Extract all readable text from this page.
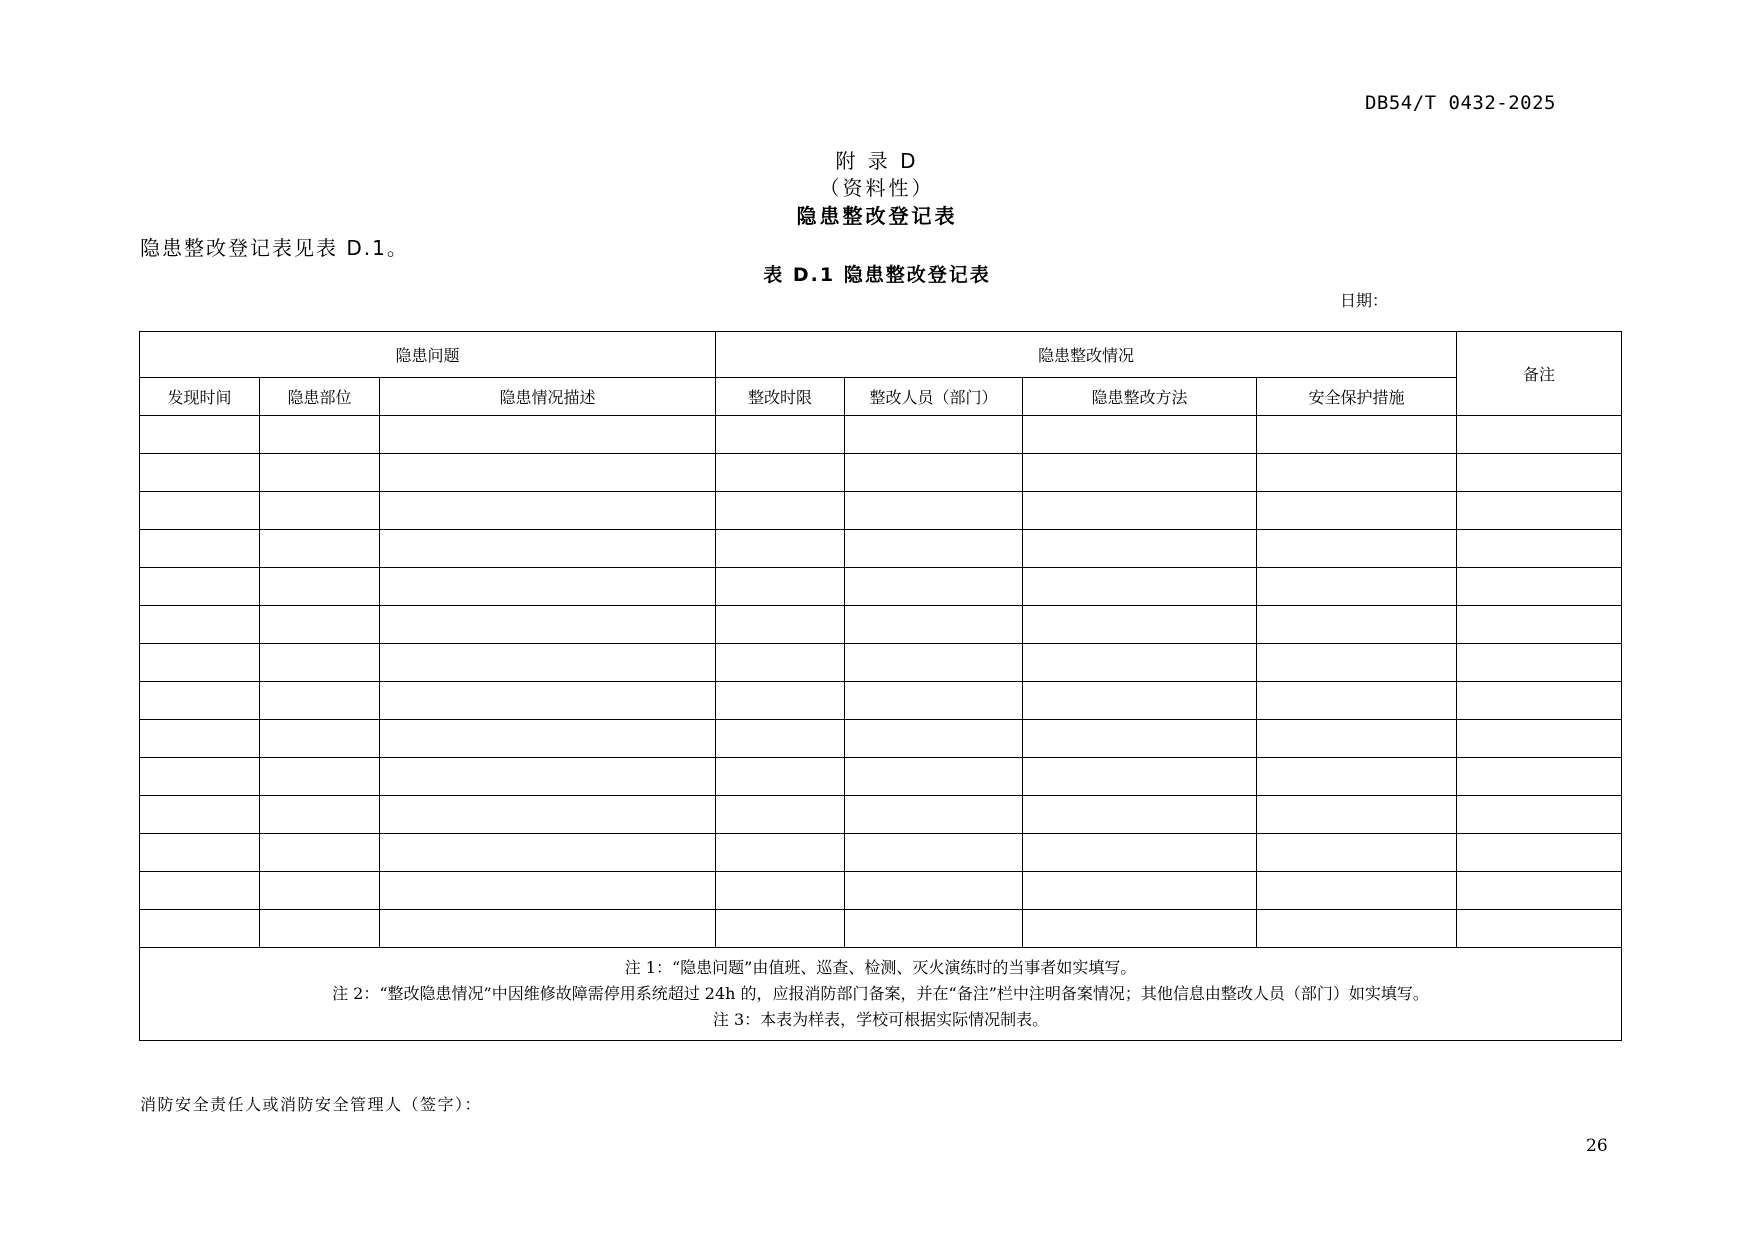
DB54/T 0432-2025
附 录 D
（资料性）
隐患整改登记表
隐患整改登记表见表 D.1。
表 D.1 隐患整改登记表
日期：
隐患问题			隐患整改情况				备注
发现时间	隐患部位	隐患情况描述	整改时限	整改人员（部门）	隐患整改方法	安全保护措施	

注 1：“隐患问题”由值班、巡查、检测、灭火演练时的当事者如实填写。
注 2：“整改隐患情况”中因维修故障需停用系统超过 24h 的，应报消防部门备案，并在“备注”栏中注明备案情况；其他信息由整改人员（部门）如实填写。
注 3：本表为样表，学校可根据实际情况制表。							
消防安全责任人或消防安全管理人（签字）：
26
